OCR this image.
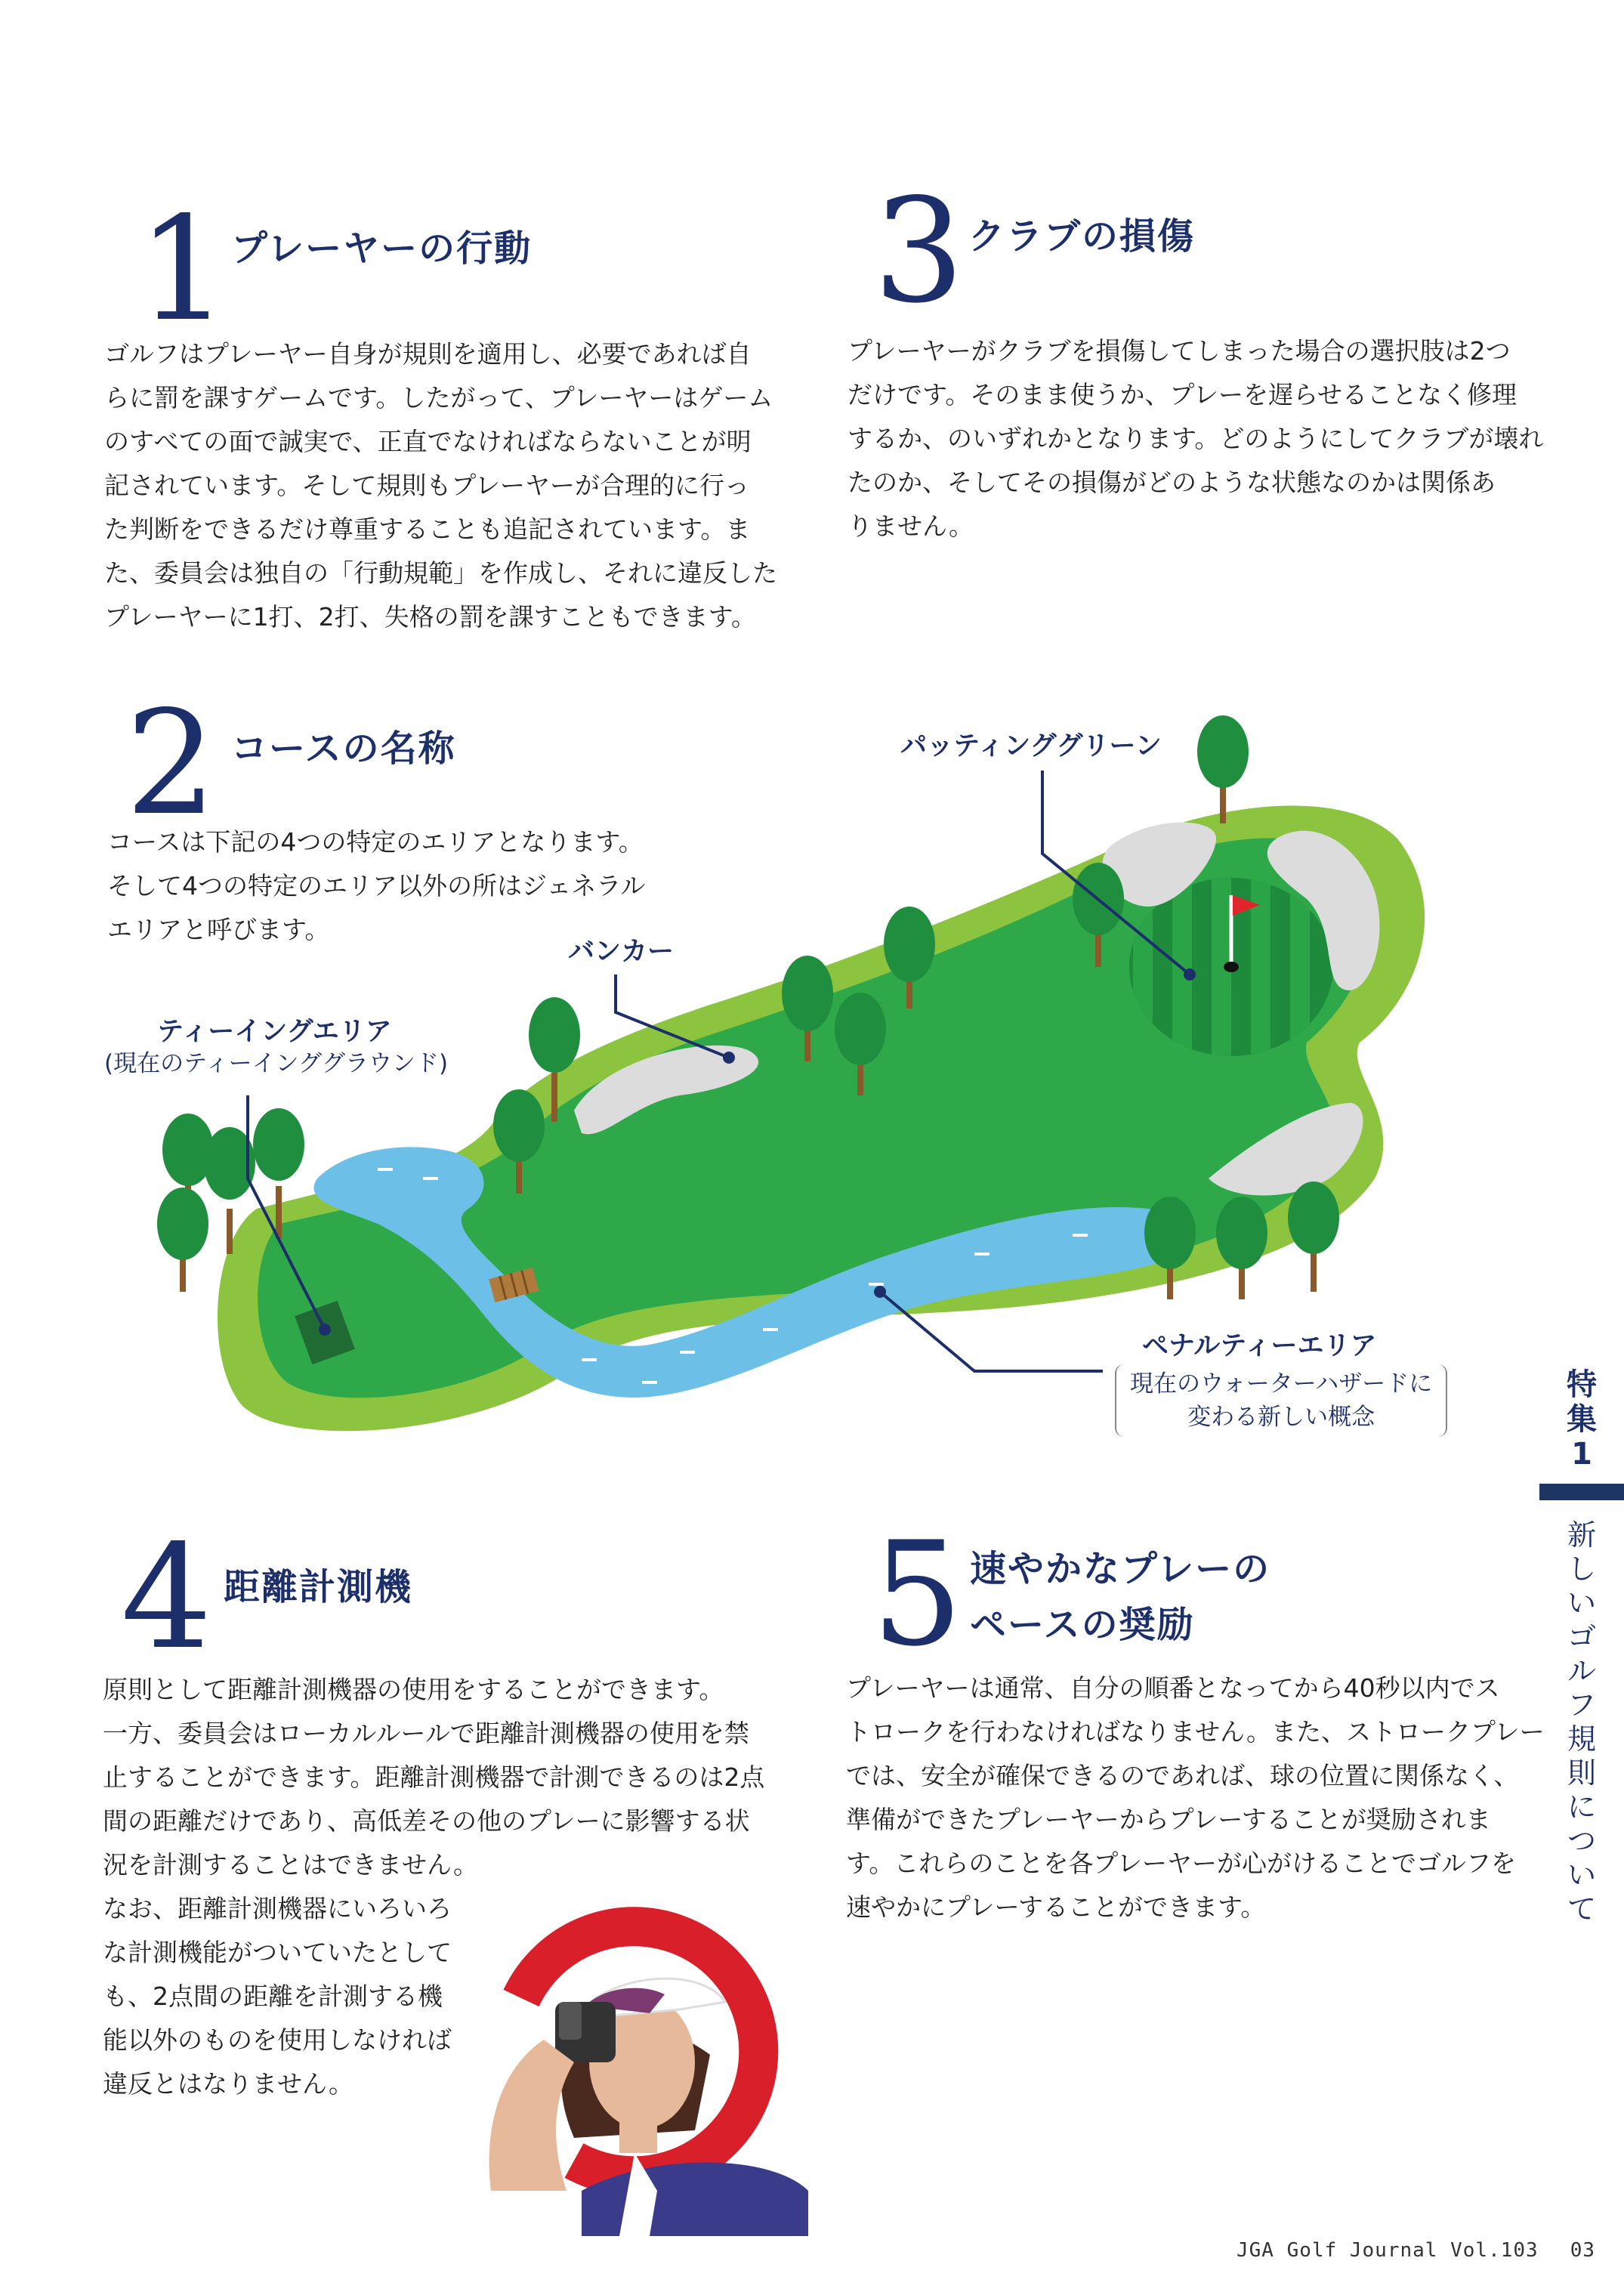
1 プレーヤーの行動

ゴルフはプレーヤー自身が規則を適用し、必要であれば自
らに罰を課すゲームです。したがって、プレーヤーはゲーム
のすべての面で誠実で、正直でなければならないことが明
記されています。そして規則もプレーヤーが合理的に行っ
た判断をできるだけ尊重することも追記されています。ま
た、委員会は独自の「行動規範」を作成し、それに違反した
プレーヤーに1打、2打、失格の罰を課すこともできます。

3 クラブの損傷

プレーヤーがクラブを損傷してしまった場合の選択肢は2つ
だけです。そのまま使うか、プレーを遅らせることなく修理
するか、のいずれかとなります。どのようにしてクラブが壊れ
たのか、そしてその損傷がどのような状態なのかは関係あ
りません。

2 コースの名称

コースは下記の4つの特定のエリアとなります。
そして4つの特定のエリア以外の所はジェネラル
エリアと呼びます。

パッティンググリーン
バンカー
ティーイングエリア
(現在のティーインググラウンド)
ペナルティーエリア
現在のウォーターハザードに
変わる新しい概念
4 距離計測機

原則として距離計測機器の使用をすることができます。
一方、委員会はローカルルールで距離計測機器の使用を禁
止することができます。距離計測機器で計測できるのは2点
間の距離だけであり、高低差その他のプレーに影響する状
況を計測することはできません。
なお、距離計測機器にいろいろ
な計測機能がついていたとして
も、2点間の距離を計測する機
能以外のものを使用しなければ
違反とはなりません。

5 速やかなプレーの
ペースの奨励

プレーヤーは通常、自分の順番となってから40秒以内でス
トロークを行わなければなりません。また、ストロークプレー
では、安全が確保できるのであれば、球の位置に関係なく、
準備ができたプレーヤーからプレーすることが奨励されま
す。これらのことを各プレーヤーが心がけることでゴルフを
速やかにプレーすることができます。

特
集
1
新
し
い
ゴ
ル
フ
規
則
に
つ
い
て
JGA Golf Journal Vol.103 03
